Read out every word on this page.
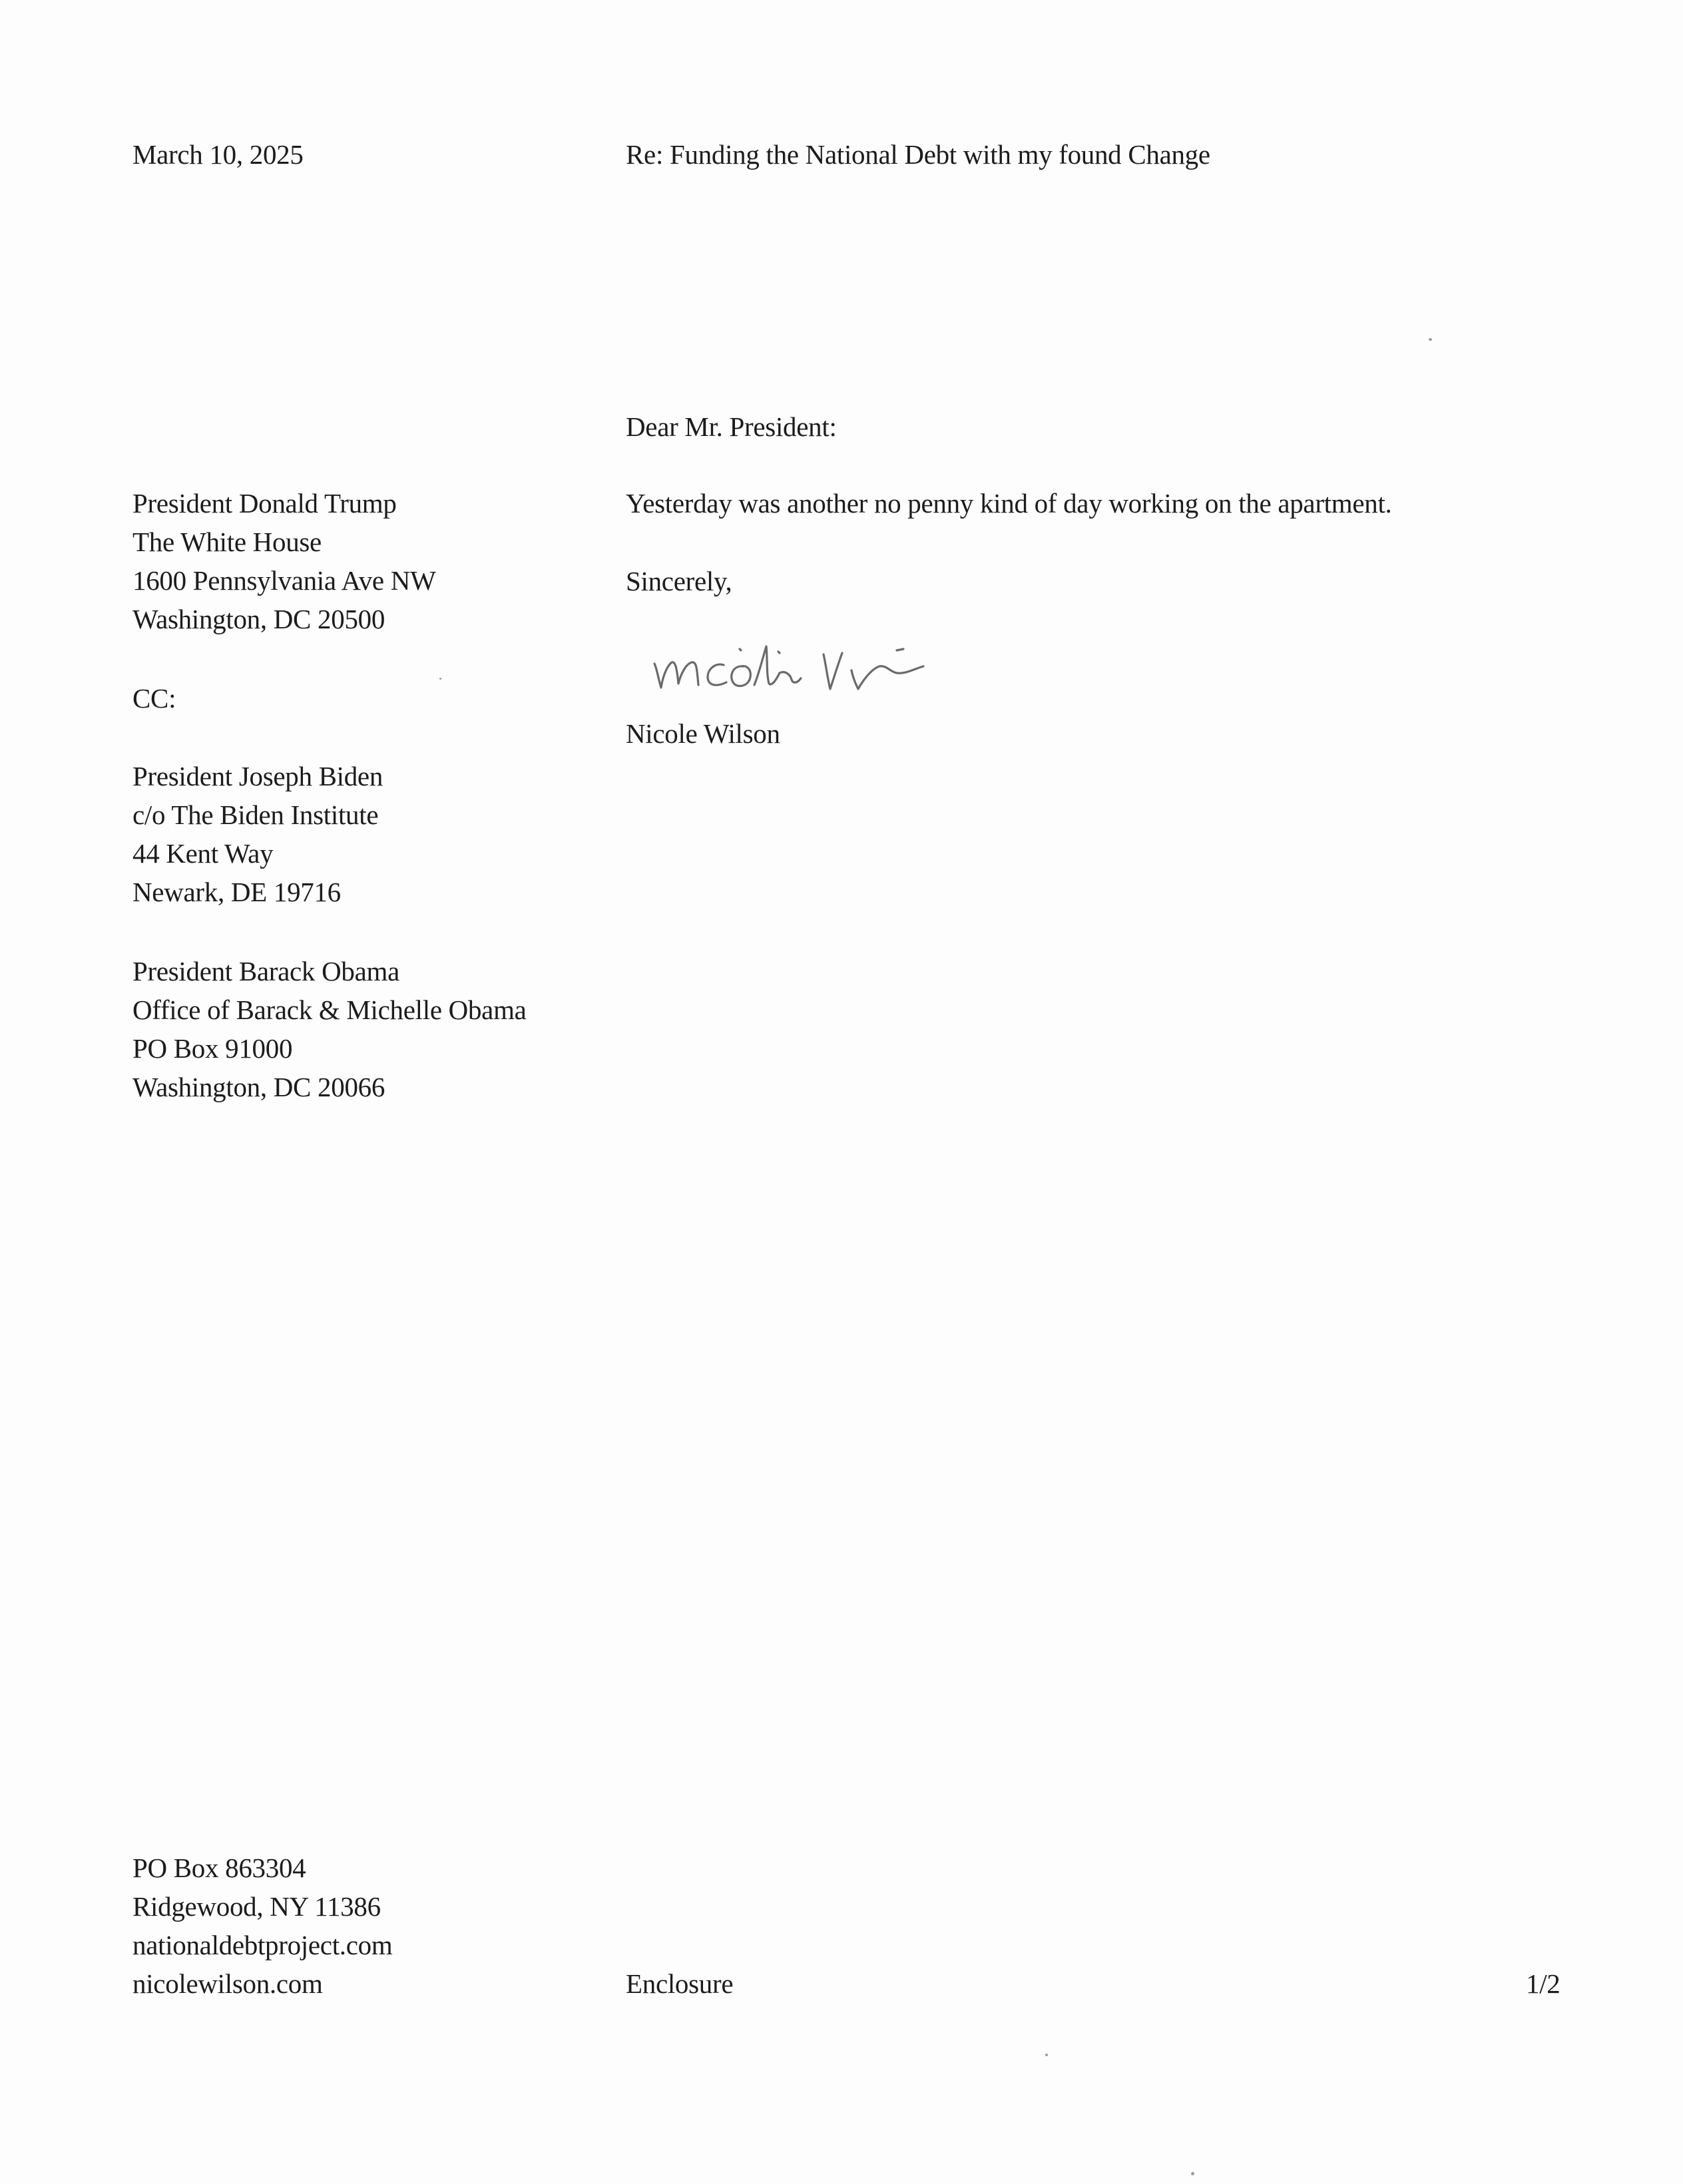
March 10, 2025	Re: Funding the National Debt with my found Change
Dear Mr. President:
President Donald Trump
The White House
1600 Pennsylvania Ave NW
Washington, DC 20500
Yesterday was another no penny kind of day working on the apartment.
Sincerely,
Nicole Wilson
CC:
President Joseph Biden
c/o The Biden Institute
44 Kent Way
Newark, DE 19716
President Barack Obama
Office of Barack & Michelle Obama
PO Box 91000
Washington, DC 20066
PO Box 863304
Ridgewood, NY 11386
nationaldebtproject.com
nicolewilson.com	Enclosure	1/2
